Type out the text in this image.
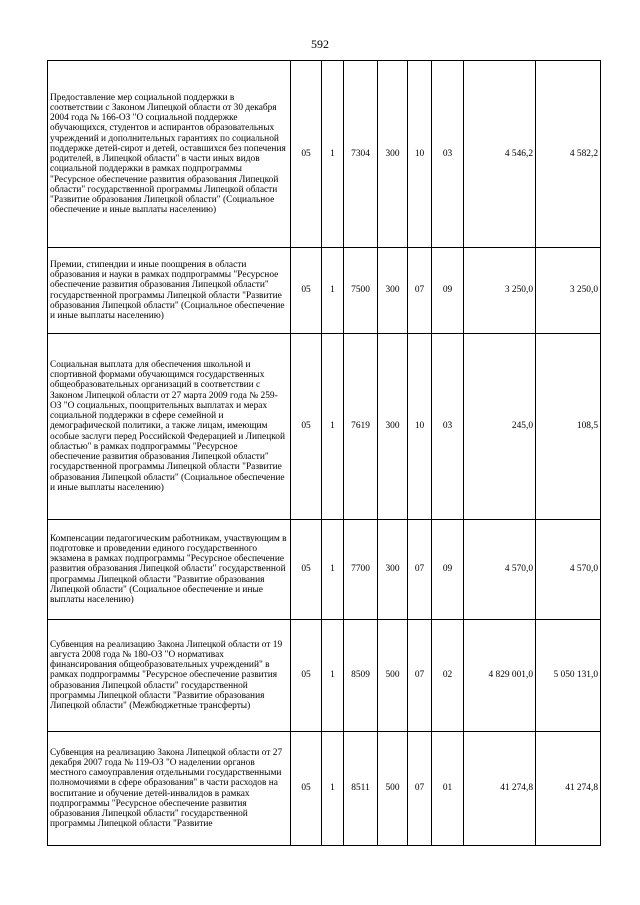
592
Предоставление мер социальной поддержки в соответствии с Законом Липецкой области от 30 декабря 2004 года № 166-ОЗ "О социальной поддержке обучающихся, студентов и аспирантов образовательных учреждений и дополнительных гарантиях по социальной поддержке детей-сирот и детей, оставшихся без попечения родителей, в Липецкой области" в части иных видов социальной поддержки в рамках подпрограммы "Ресурсное обеспечение развития образования Липецкой области" государственной программы Липецкой области "Развитие образования Липецкой области" (Социальное обеспечение и иные выплаты населению)	05	1	7304	300	10	03	4 546,2	4 582,2
Премии, стипендии и иные поощрения в области образования и науки в рамках подпрограммы "Ресурсное обеспечение развития образования Липецкой области" государственной программы Липецкой области "Развитие образования Липецкой области" (Социальное обеспечение и иные выплаты населению)	05	1	7500	300	07	09	3 250,0	3 250,0
Социальная выплата для обеспечения школьной и спортивной формами обучающимся государственных общеобразовательных организаций в соответствии с Законом Липецкой области от 27 марта 2009 года № 259-ОЗ "О социальных, поощрительных выплатах и мерах социальной поддержки в сфере семейной и демографической политики, а также лицам, имеющим особые заслуги перед Российской Федерацией и Липецкой областью" в рамках подпрограммы "Ресурсное обеспечение развития образования Липецкой области" государственной программы Липецкой области "Развитие образования Липецкой области" (Социальное обеспечение и иные выплаты населению)	05	1	7619	300	10	03	245,0	108,5
Компенсации педагогическим работникам, участвующим в подготовке и проведении единого государственного экзамена в рамках подпрограммы "Ресурсное обеспечение развития образования Липецкой области" государственной программы Липецкой области "Развитие образования Липецкой области" (Социальное обеспечение и иные выплаты населению)	05	1	7700	300	07	09	4 570,0	4 570,0
Субвенция на реализацию Закона Липецкой области от 19 августа 2008 года № 180-ОЗ "О нормативах финансирования общеобразовательных учреждений" в рамках подпрограммы "Ресурсное обеспечение развития образования Липецкой области" государственной программы Липецкой области "Развитие образования Липецкой области" (Межбюджетные трансферты)	05	1	8509	500	07	02	4 829 001,0	5 050 131,0
Субвенция на реализацию Закона Липецкой области от 27 декабря 2007 года № 119-ОЗ "О наделении органов местного самоуправления отдельными государственными полномочиями в сфере образования" в части расходов на воспитание и обучение детей-инвалидов в рамках подпрограммы "Ресурсное обеспечение развития образования Липецкой области" государственной программы Липецкой области "Развитие	05	1	8511	500	07	01	41 274,8	41 274,8
